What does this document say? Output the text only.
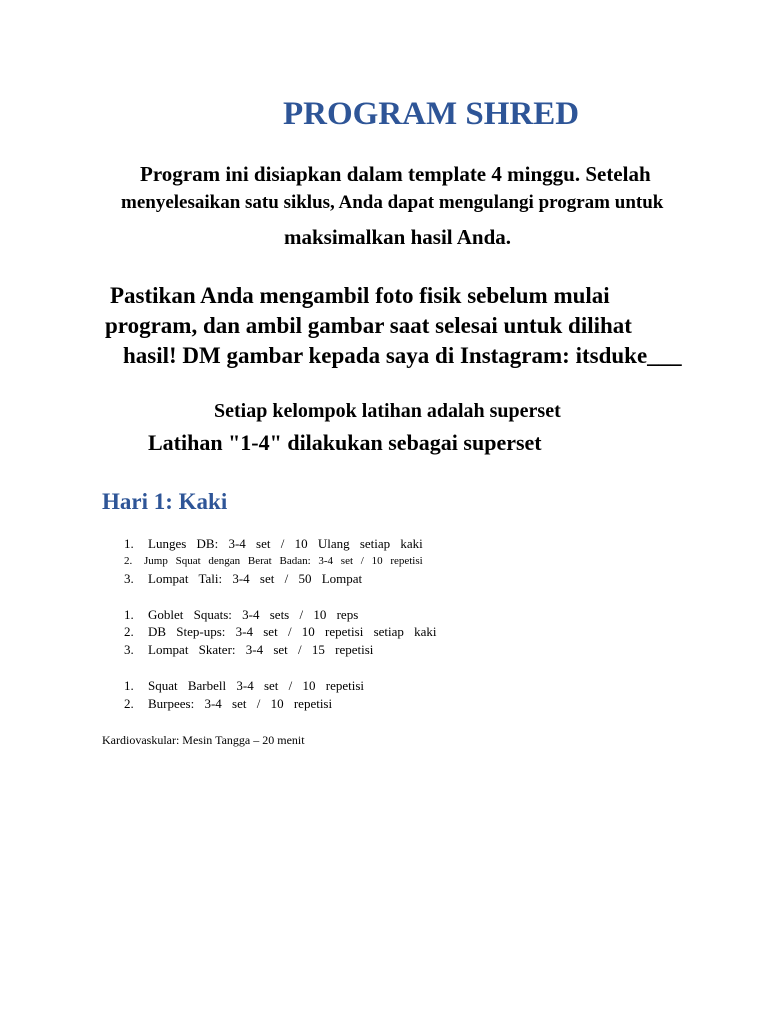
PROGRAM SHRED
Program ini disiapkan dalam template 4 minggu. Setelah
menyelesaikan satu siklus, Anda dapat mengulangi program untuk
maksimalkan hasil Anda.
Pastikan Anda mengambil foto fisik sebelum mulai
program, dan ambil gambar saat selesai untuk dilihat
hasil! DM gambar kepada saya di Instagram: itsduke___
Setiap kelompok latihan adalah superset
Latihan "1-4" dilakukan sebagai superset
Hari 1: Kaki
1. Lunges DB: 3-4 set / 10 Ulang setiap kaki
2. Jump Squat dengan Berat Badan: 3-4 set / 10 repetisi
3. Lompat Tali: 3-4 set / 50 Lompat
1. Goblet Squats: 3-4 sets / 10 reps
2. DB Step-ups: 3-4 set / 10 repetisi setiap kaki
3. Lompat Skater: 3-4 set / 15 repetisi
1. Squat Barbell 3-4 set / 10 repetisi
2. Burpees: 3-4 set / 10 repetisi
Kardiovaskular: Mesin Tangga – 20 menit
